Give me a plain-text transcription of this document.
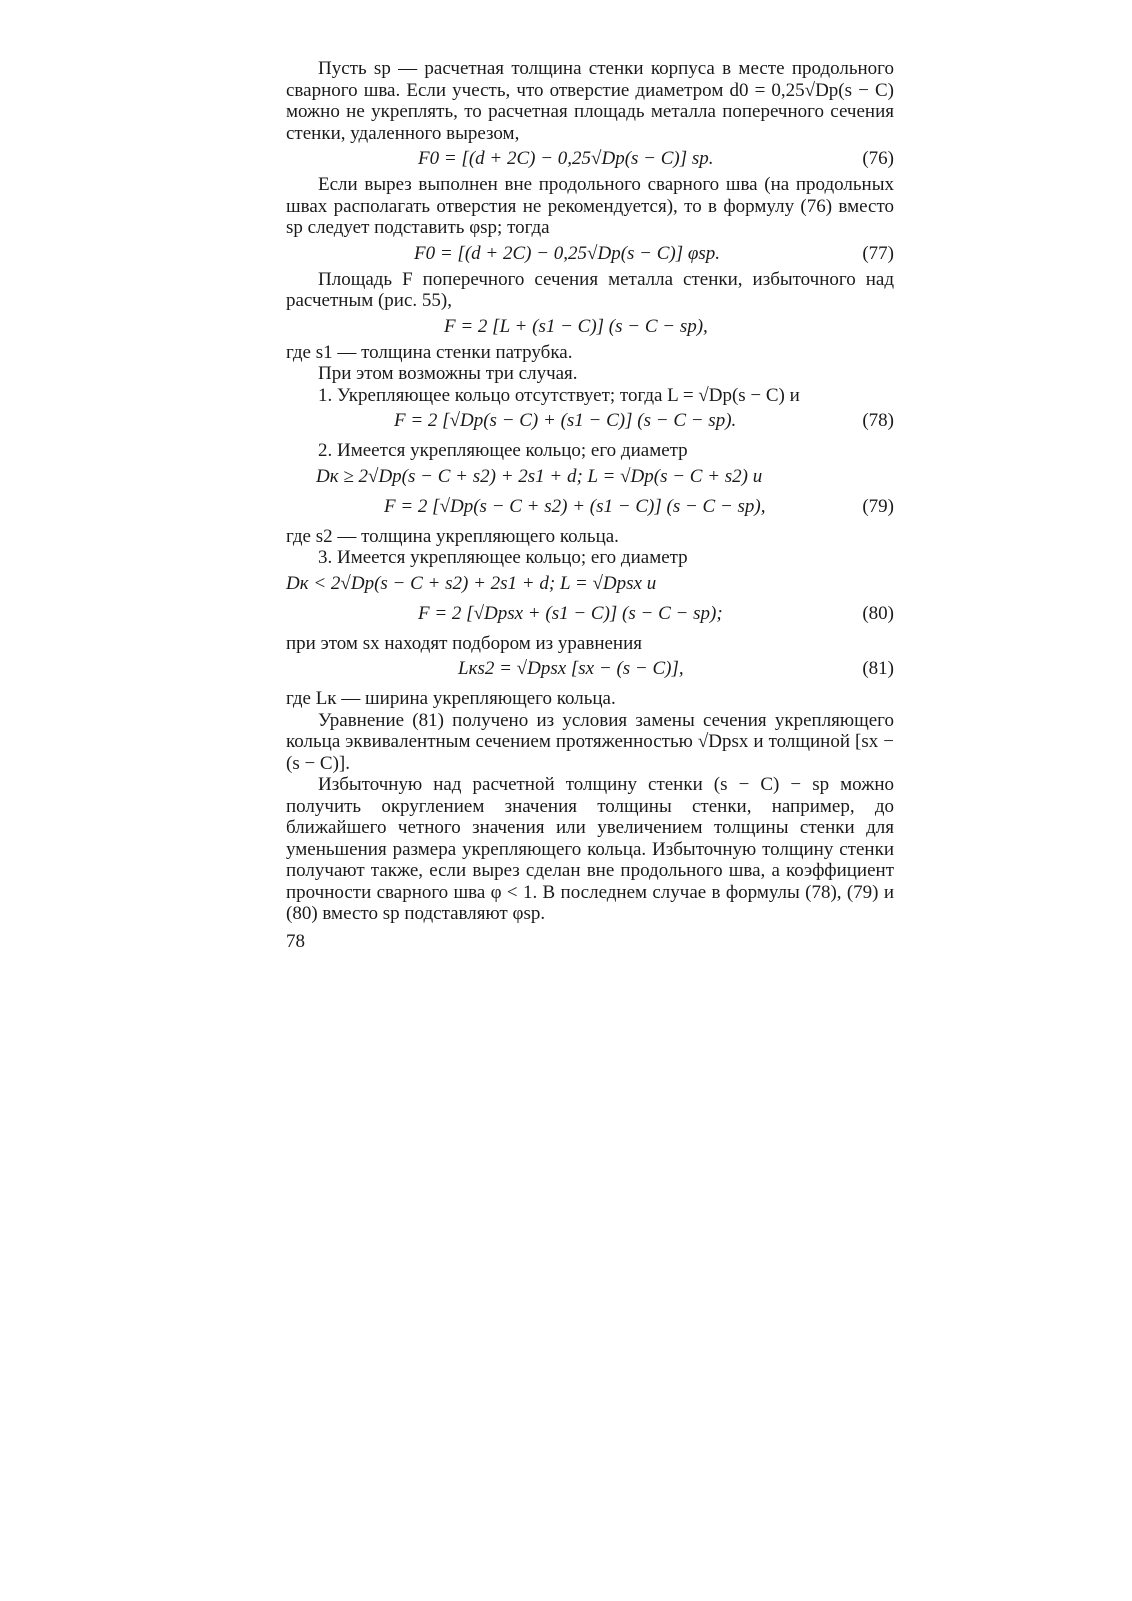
Пусть sр — расчетная толщина стенки корпуса в месте продольного сварного шва. Если учесть, что отверстие диаметром d0 = 0,25√Dр(s − C) можно не укреплять, то расчетная площадь металла поперечного сечения стенки, удаленного вырезом,

F0 = [(d + 2C) − 0,25√Dр(s − C)] sр.	(76)

Если вырез выполнен вне продольного сварного шва (на продольных швах располагать отверстия не рекомендуется), то в формулу (76) вместо sр следует подставить φsр; тогда

F0 = [(d + 2C) − 0,25√Dр(s − C)] φsр.	(77)

Площадь F поперечного сечения металла стенки, избыточного над расчетным (рис. 55),

F = 2 [L + (s1 − C)] (s − C − sр),

где s1 — толщина стенки патрубка.

При этом возможны три случая.

1. Укрепляющее кольцо отсутствует; тогда L = √Dр(s − C) и

F = 2 [√Dр(s − C) + (s1 − C)] (s − C − sр).	(78)

2. Имеется укрепляющее кольцо; его диаметр

Dк ≥ 2√Dр(s − C + s2) + 2s1 + d; L = √Dр(s − C + s2) и
F = 2 [√Dр(s − C + s2) + (s1 − C)] (s − C − sр),	(79)

где s2 — толщина укрепляющего кольца.

3. Имеется укрепляющее кольцо; его диаметр

Dк < 2√Dр(s − C + s2) + 2s1 + d; L = √Dрsx и
F = 2 [√Dрsx + (s1 − C)] (s − C − sр);	(80)

при этом sx находят подбором из уравнения

Lкs2 = √Dрsx [sx − (s − C)],	(81)

где Lк — ширина укрепляющего кольца.

Уравнение (81) получено из условия замены сечения укрепляющего кольца эквивалентным сечением протяженностью √Dрsx и толщиной [sx − (s − C)].

Избыточную над расчетной толщину стенки (s − C) − sр можно получить округлением значения толщины стенки, например, до ближайшего четного значения или увеличением толщины стенки для уменьшения размера укрепляющего кольца. Избыточную толщину стенки получают также, если вырез сделан вне продольного шва, а коэффициент прочности сварного шва φ < 1. В последнем случае в формулы (78), (79) и (80) вместо sр подставляют φsр.

78
